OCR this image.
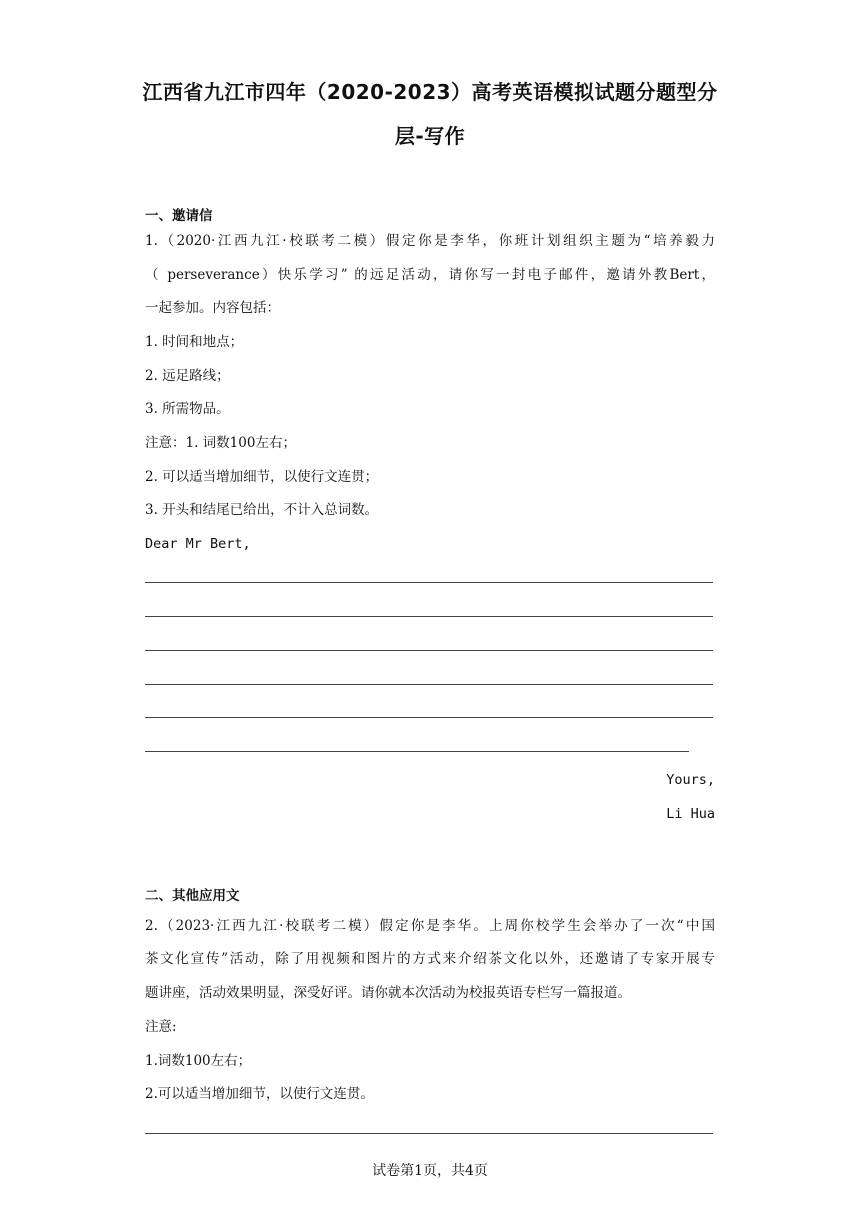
江西省九江市四年（2020-2023）高考英语模拟试题分题型分
层-写作
一、邀请信
1.（2020·江西九江·校联考二模）假定你是李华，你班计划组织主题为“培养毅力
（ perseverance）快乐学习” 的远足活动，请你写一封电子邮件，邀请外教Bert，
一起参加。内容包括：
1. 时间和地点；
2. 远足路线；
3. 所需物品。
注意：1. 词数100左右；
2. 可以适当增加细节，以使行文连贯；
3. 开头和结尾已给出，不计入总词数。
Dear Mr Bert,
Yours,
Li Hua
二、其他应用文
2.（2023·江西九江·校联考二模）假定你是李华。上周你校学生会举办了一次“中国
茶文化宣传”活动，除了用视频和图片的方式来介绍茶文化以外，还邀请了专家开展专
题讲座，活动效果明显，深受好评。请你就本次活动为校报英语专栏写一篇报道。
注意:
1.词数100左右；
2.可以适当增加细节，以使行文连贯。
试卷第1页，共4页
